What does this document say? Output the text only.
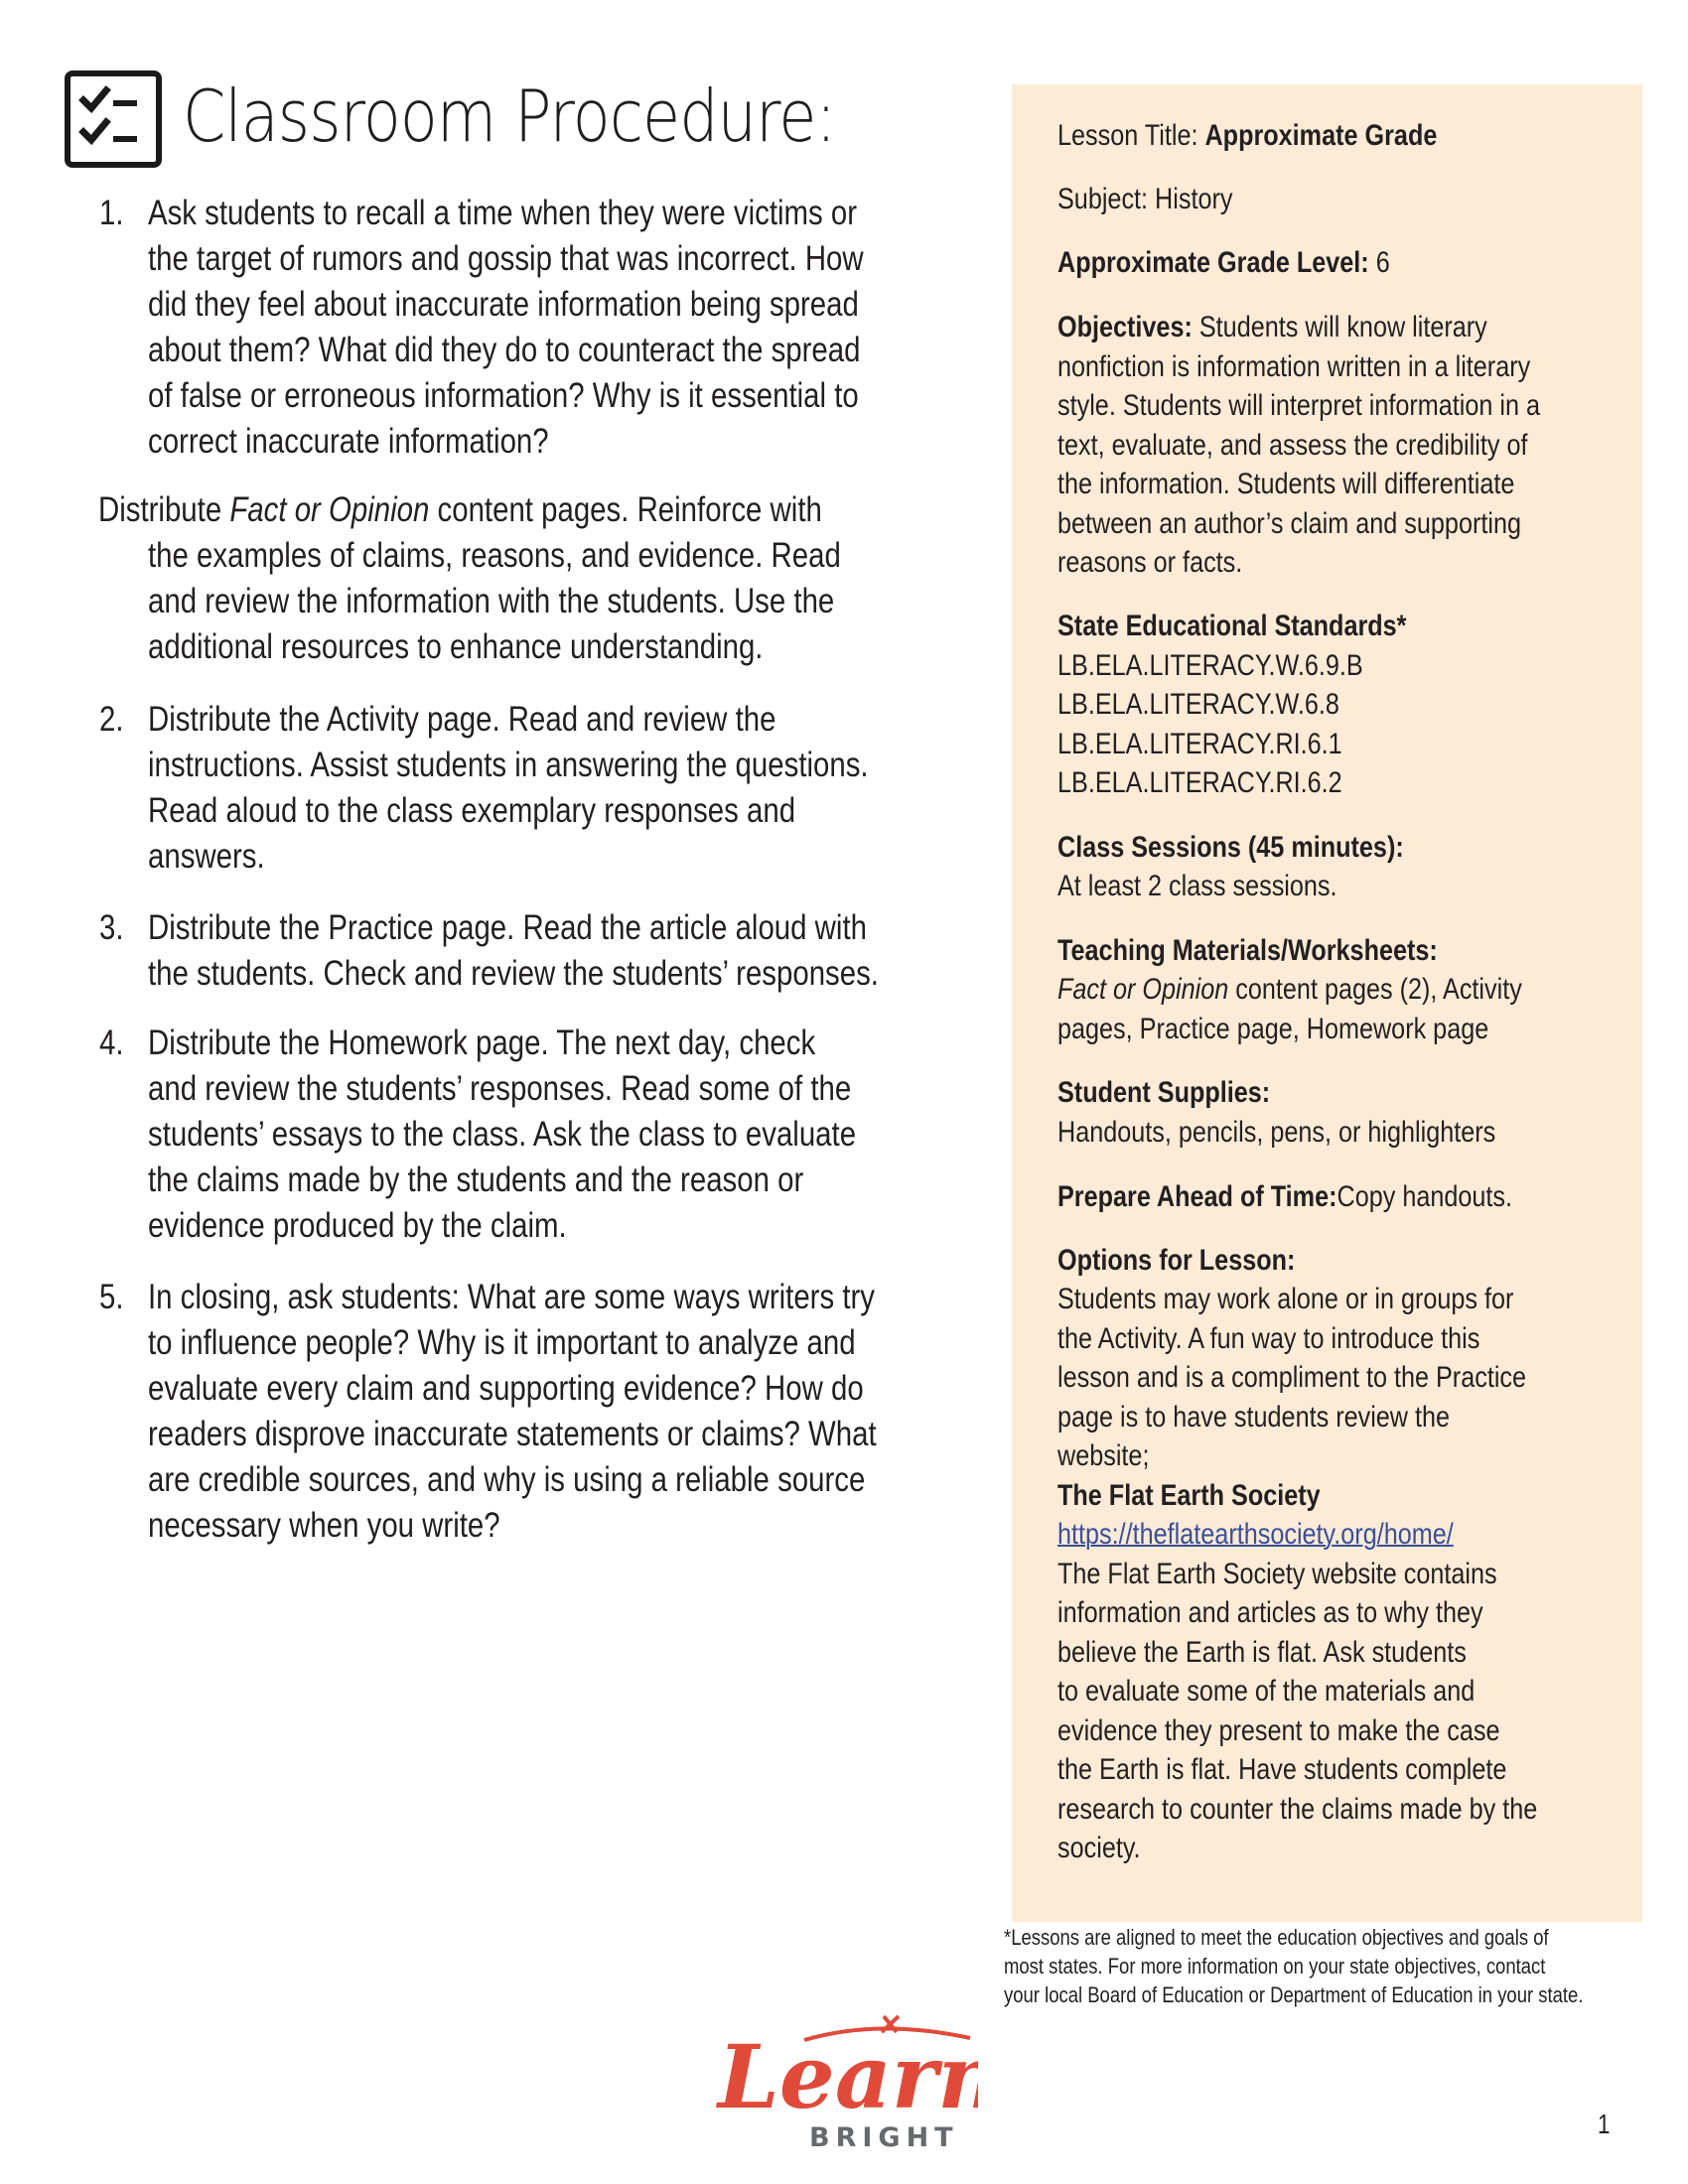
Classroom Procedure:
1. Ask students to recall a time when they were victims or
the target of rumors and gossip that was incorrect. How
did they feel about inaccurate information being spread
about them? What did they do to counteract the spread
of false or erroneous information? Why is it essential to
correct inaccurate information?
Distribute Fact or Opinion content pages. Reinforce with
the examples of claims, reasons, and evidence. Read
and review the information with the students. Use the
additional resources to enhance understanding.
2. Distribute the Activity page. Read and review the
instructions. Assist students in answering the questions.
Read aloud to the class exemplary responses and
answers.
3. Distribute the Practice page. Read the article aloud with
the students. Check and review the students’ responses.
4. Distribute the Homework page. The next day, check
and review the students’ responses. Read some of the
students’ essays to the class. Ask the class to evaluate
the claims made by the students and the reason or
evidence produced by the claim.
5. In closing, ask students: What are some ways writers try
to influence people? Why is it important to analyze and
evaluate every claim and supporting evidence? How do
readers disprove inaccurate statements or claims? What
are credible sources, and why is using a reliable source
necessary when you write?
Lesson Title: Approximate Grade
Subject: History
Approximate Grade Level: 6
Objectives: Students will know literary
nonfiction is information written in a literary
style. Students will interpret information in a
text, evaluate, and assess the credibility of
the information. Students will differentiate
between an author’s claim and supporting
reasons or facts.
State Educational Standards*
LB.ELA.LITERACY.W.6.9.B
LB.ELA.LITERACY.W.6.8
LB.ELA.LITERACY.RI.6.1
LB.ELA.LITERACY.RI.6.2
Class Sessions (45 minutes):
At least 2 class sessions.
Teaching Materials/Worksheets:
Fact or Opinion content pages (2), Activity
pages, Practice page, Homework page
Student Supplies:
Handouts, pencils, pens, or highlighters
Prepare Ahead of Time:Copy handouts.
Options for Lesson:
Students may work alone or in groups for
the Activity. A fun way to introduce this
lesson and is a compliment to the Practice
page is to have students review the
website;
The Flat Earth Society
https://theflatearthsociety.org/home/
The Flat Earth Society website contains
information and articles as to why they
believe the Earth is flat. Ask students
to evaluate some of the materials and
evidence they present to make the case
the Earth is flat. Have students complete
research to counter the claims made by the
society.
*Lessons are aligned to meet the education objectives and goals of
most states. For more information on your state objectives, contact
your local Board of Education or Department of Education in your state.
Learn
BRIGHT	1
